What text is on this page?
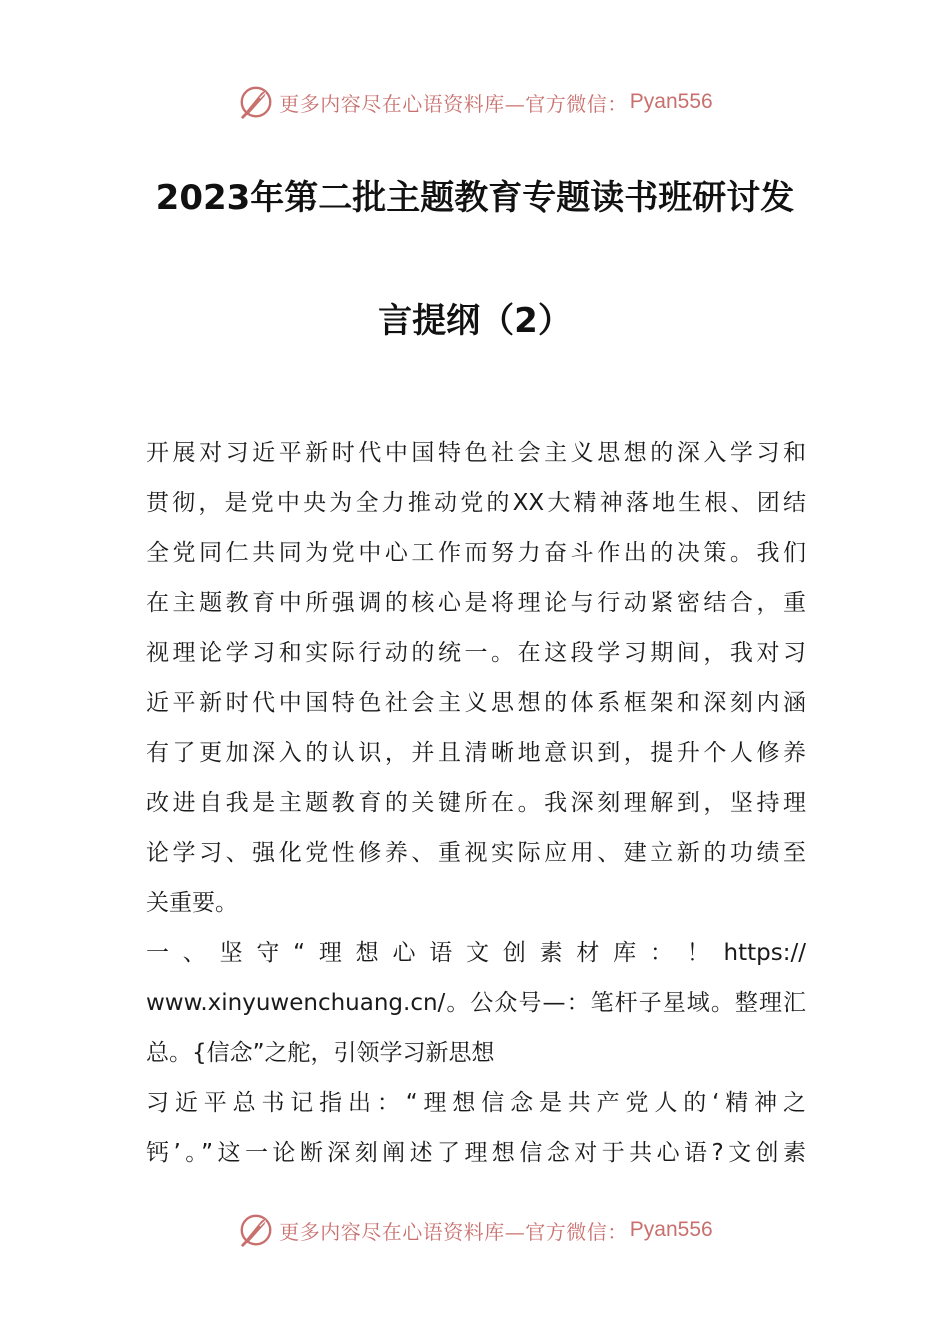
更多内容尽在心语资料库—官方微信： Pyan556
2023年第二批主题教育专题读书班研讨发
言提纲（2）
开展对习近平新时代中国特色社会主义思想的深入学习和
贯彻，是党中央为全力推动党的XX大精神落地生根、团结
全党同仁共同为党中心工作而努力奋斗作出的决策。我们
在主题教育中所强调的核心是将理论与行动紧密结合，重
视理论学习和实际行动的统一。在这段学习期间，我对习
近平新时代中国特色社会主义思想的体系框架和深刻内涵
有了更加深入的认识，并且清晰地意识到，提升个人修养
改进自我是主题教育的关键所在。我深刻理解到，坚持理
论学习、强化党性修养、重视实际应用、建立新的功绩至
关重要。
一、坚守“理想心语文创素材库：！https://
www.xinyuwenchuang.cn/。公众号—：笔杆子星域。整理汇
总。{信念”之舵，引领学习新思想
习近平总书记指出：“理想信念是共产党人的‘精神之
钙’。”这一论断深刻阐述了理想信念对于共心语?文创素
更多内容尽在心语资料库—官方微信： Pyan556
